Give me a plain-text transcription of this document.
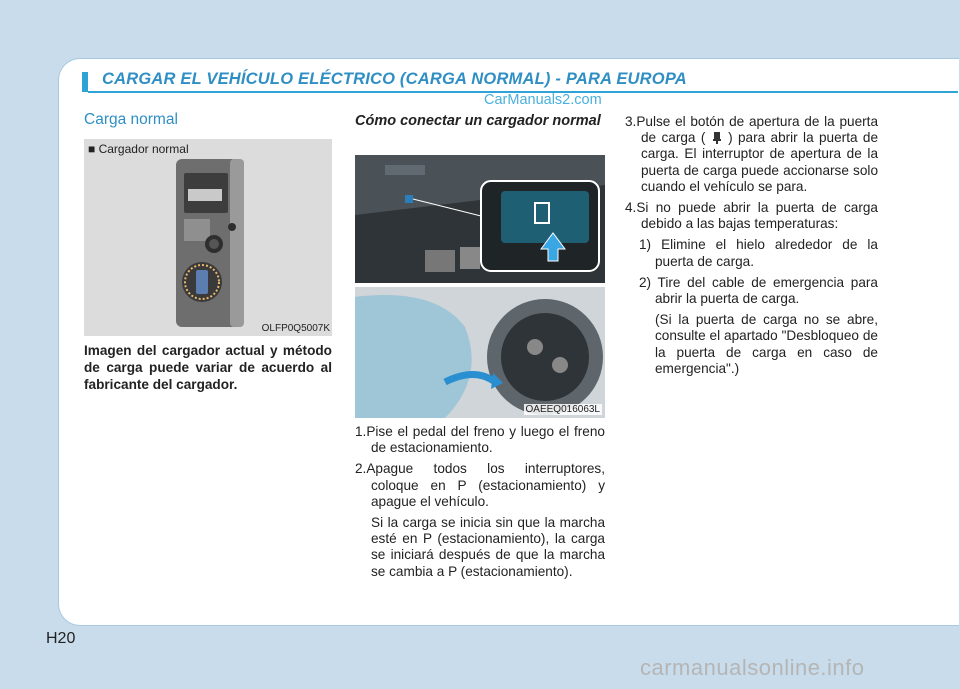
CARGAR EL VEHÍCULO ELÉCTRICO (CARGA NORMAL) - PARA EUROPA
CarManuals2.com
Carga normal
■ Cargador normal
OLFP0Q5007K
Imagen del cargador actual y método de carga puede variar de acuerdo al fabricante del cargador.
Cómo conectar un cargador normal
OAEEQ016063L
1.Pise el pedal del freno y luego el freno de estacionamiento.
2.Apague todos los interruptores, coloque en P (estacionamiento) y apague el vehículo.
Si la carga se inicia sin que la marcha esté en P (estacionamiento), la carga se iniciará después de que la marcha se cambia a P (estacionamiento).
3.Pulse el botón de apertura de la puerta de carga ( ) para abrir la puerta de carga. El interruptor de apertura de la puerta de carga puede accionarse solo cuando el vehículo se para.
4.Si no puede abrir la puerta de carga debido a las bajas temperaturas:
1) Elimine el hielo alrededor de la puerta de carga.
2) Tire del cable de emergencia para abrir la puerta de carga.
(Si la puerta de carga no se abre, consulte el apartado "Desbloqueo de la puerta de carga en caso de emergencia".)
H20
carmanualsonline.info
